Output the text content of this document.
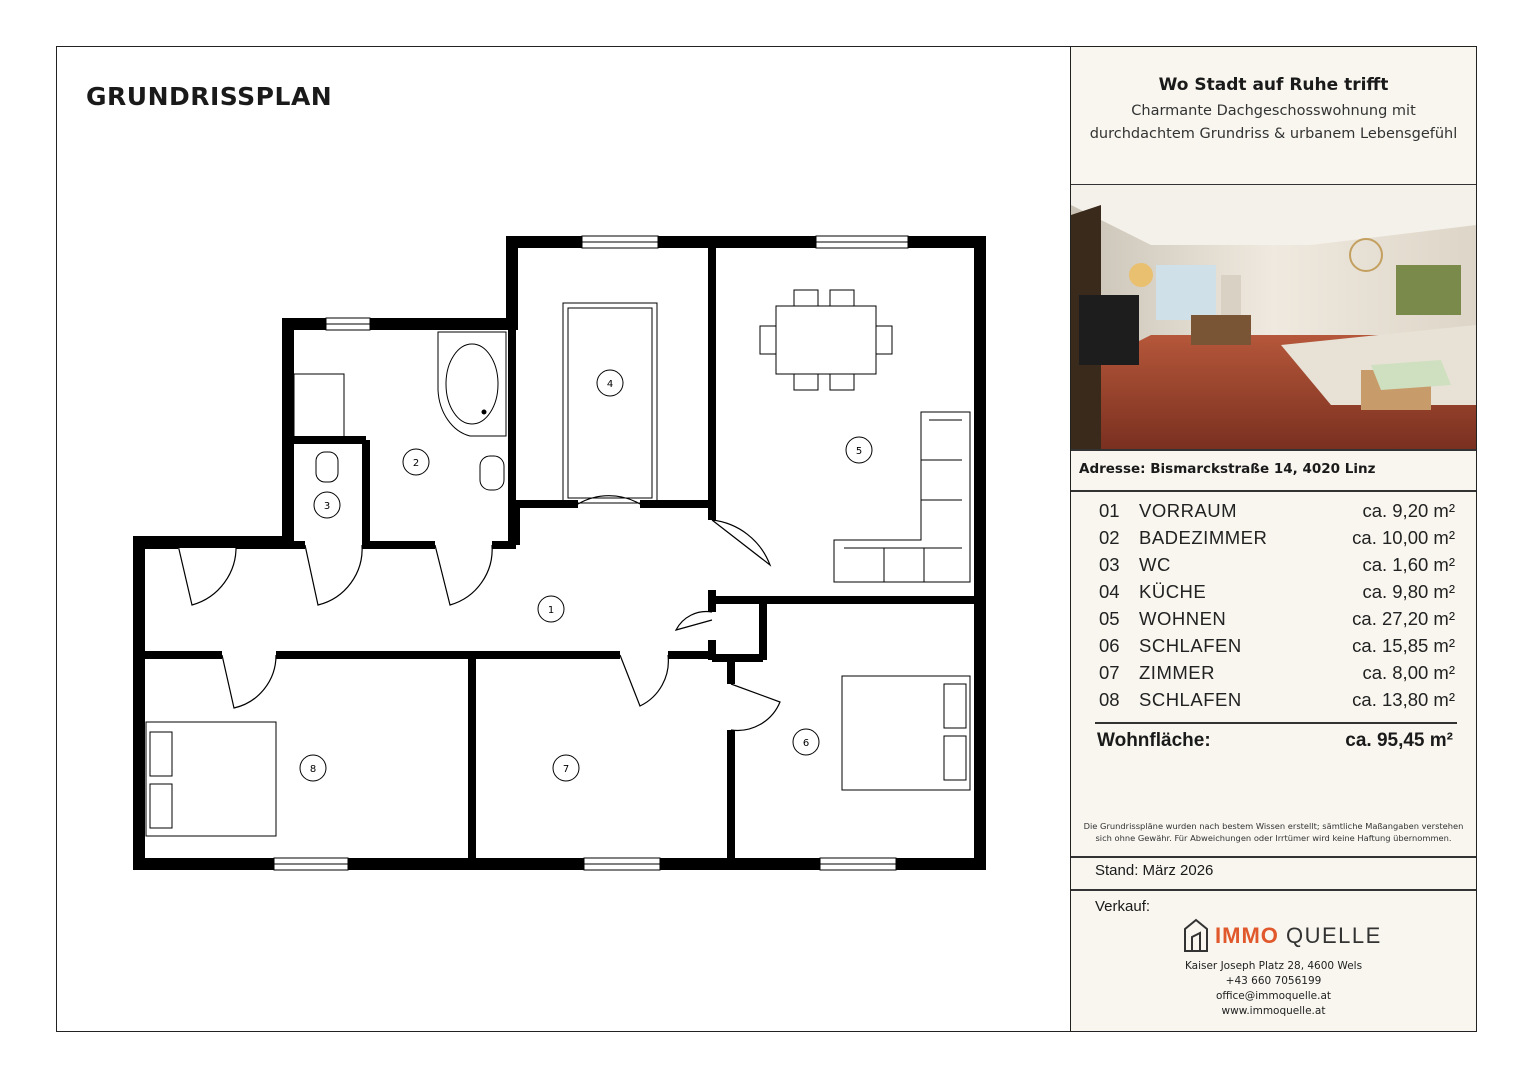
GRUNDRISSPLAN
1
2
3
4
5
6
7
8
Wo Stadt auf Ruhe trifft
Charmante Dachgeschosswohnung mit
durchdachtem Grundriss & urbanem Lebensgefühl
Adresse: Bismarckstraße 14, 4020 Linz
01 VORRAUM	ca. 9,20 m²
02 BADEZIMMER	ca. 10,00 m²
03 WC	ca. 1,60 m²
04 KÜCHE	ca. 9,80 m²
05 WOHNEN	ca. 27,20 m²
06 SCHLAFEN	ca. 15,85 m²
07 ZIMMER	ca. 8,00 m²
08 SCHLAFEN	ca. 13,80 m²
Wohnfläche:	ca. 95,45 m²
Die Grundrisspläne wurden nach bestem Wissen erstellt; sämtliche Maßangaben verstehen
sich ohne Gewähr. Für Abweichungen oder Irrtümer wird keine Haftung übernommen.
Stand: März 2026
Verkauf:
IMMO QUELLE
Kaiser Joseph Platz 28, 4600 Wels
+43 660 7056199
office@immoquelle.at
www.immoquelle.at
